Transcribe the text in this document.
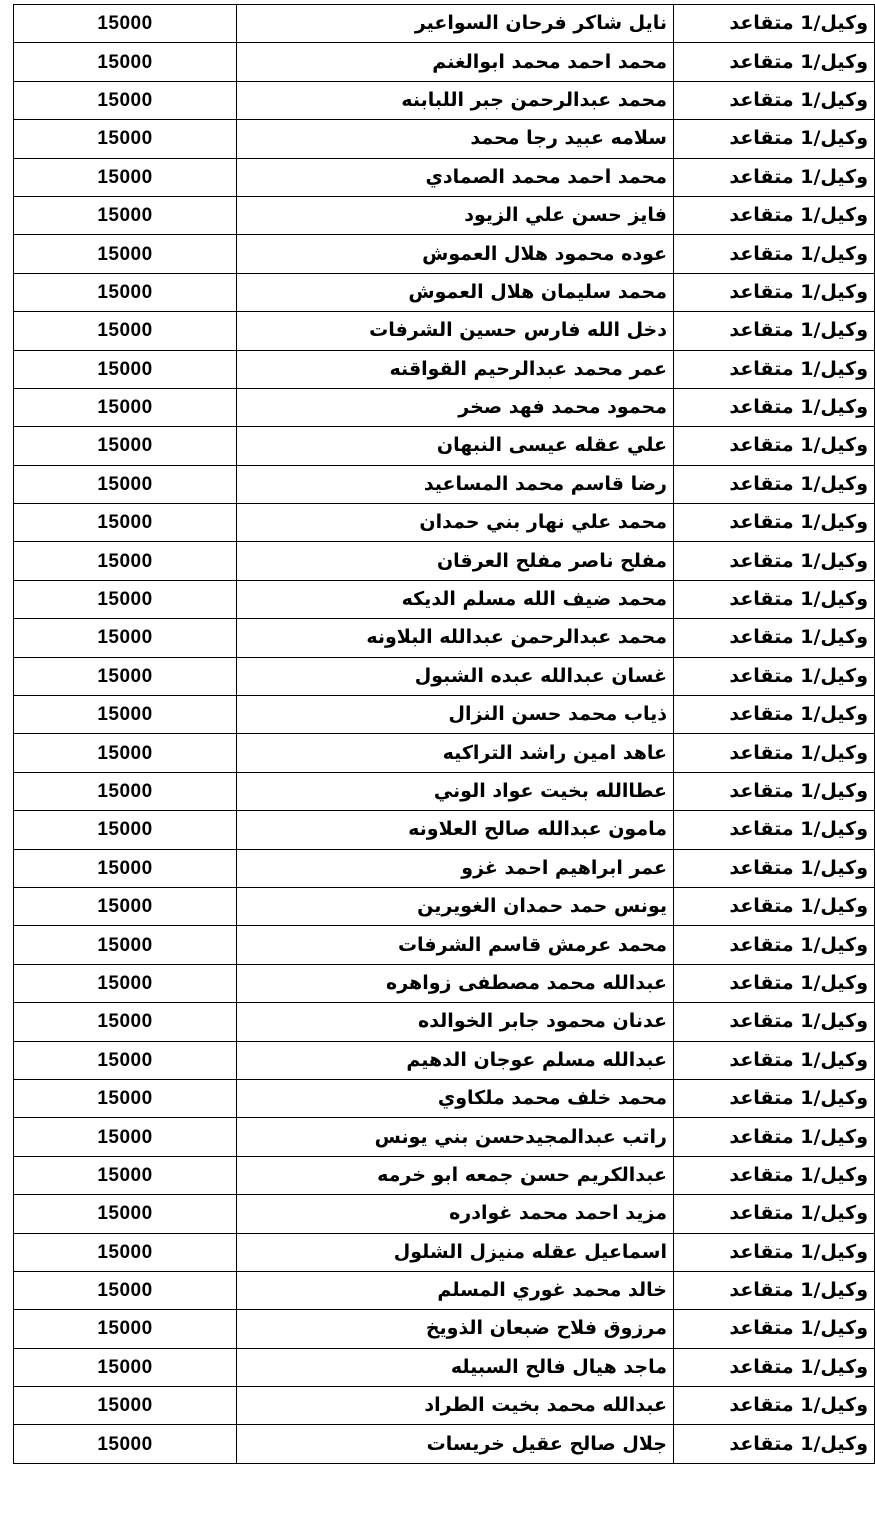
وكيل/1 متقاعد	نايل شاكر فرحان السواعير	15000
وكيل/1 متقاعد	محمد احمد محمد ابوالغنم	15000
وكيل/1 متقاعد	محمد عبدالرحمن جبر اللبابنه	15000
وكيل/1 متقاعد	سلامه عبيد رجا محمد	15000
وكيل/1 متقاعد	محمد احمد محمد الصمادي	15000
وكيل/1 متقاعد	فايز حسن علي الزيود	15000
وكيل/1 متقاعد	عوده محمود هلال العموش	15000
وكيل/1 متقاعد	محمد سليمان هلال العموش	15000
وكيل/1 متقاعد	دخل الله فارس حسين الشرفات	15000
وكيل/1 متقاعد	عمر محمد عبدالرحيم القواقنه	15000
وكيل/1 متقاعد	محمود محمد فهد صخر	15000
وكيل/1 متقاعد	علي عقله عيسى النبهان	15000
وكيل/1 متقاعد	رضا قاسم محمد المساعيد	15000
وكيل/1 متقاعد	محمد علي نهار بني حمدان	15000
وكيل/1 متقاعد	مفلح ناصر مفلح العرقان	15000
وكيل/1 متقاعد	محمد ضيف الله مسلم الديكه	15000
وكيل/1 متقاعد	محمد عبدالرحمن عبدالله البلاونه	15000
وكيل/1 متقاعد	غسان عبدالله عبده الشبول	15000
وكيل/1 متقاعد	ذياب محمد حسن النزال	15000
وكيل/1 متقاعد	عاهد امين راشد التراكيه	15000
وكيل/1 متقاعد	عطاالله بخيت عواد الوني	15000
وكيل/1 متقاعد	مامون عبدالله صالح العلاونه	15000
وكيل/1 متقاعد	عمر ابراهيم احمد غزو	15000
وكيل/1 متقاعد	يونس حمد حمدان الغويرين	15000
وكيل/1 متقاعد	محمد عرمش قاسم الشرفات	15000
وكيل/1 متقاعد	عبدالله محمد مصطفى زواهره	15000
وكيل/1 متقاعد	عدنان محمود جابر الخوالده	15000
وكيل/1 متقاعد	عبدالله مسلم عوجان الدهيم	15000
وكيل/1 متقاعد	محمد خلف محمد ملكاوي	15000
وكيل/1 متقاعد	راتب عبدالمجيدحسن بني يونس	15000
وكيل/1 متقاعد	عبدالكريم حسن جمعه ابو خرمه	15000
وكيل/1 متقاعد	مزيد احمد محمد غوادره	15000
وكيل/1 متقاعد	اسماعيل عقله منيزل الشلول	15000
وكيل/1 متقاعد	خالد محمد غوري المسلم	15000
وكيل/1 متقاعد	مرزوق فلاح ضبعان الذويخ	15000
وكيل/1 متقاعد	ماجد هيال فالح السبيله	15000
وكيل/1 متقاعد	عبدالله محمد بخيت الطراد	15000
وكيل/1 متقاعد	جلال صالح عقيل خريسات	15000
